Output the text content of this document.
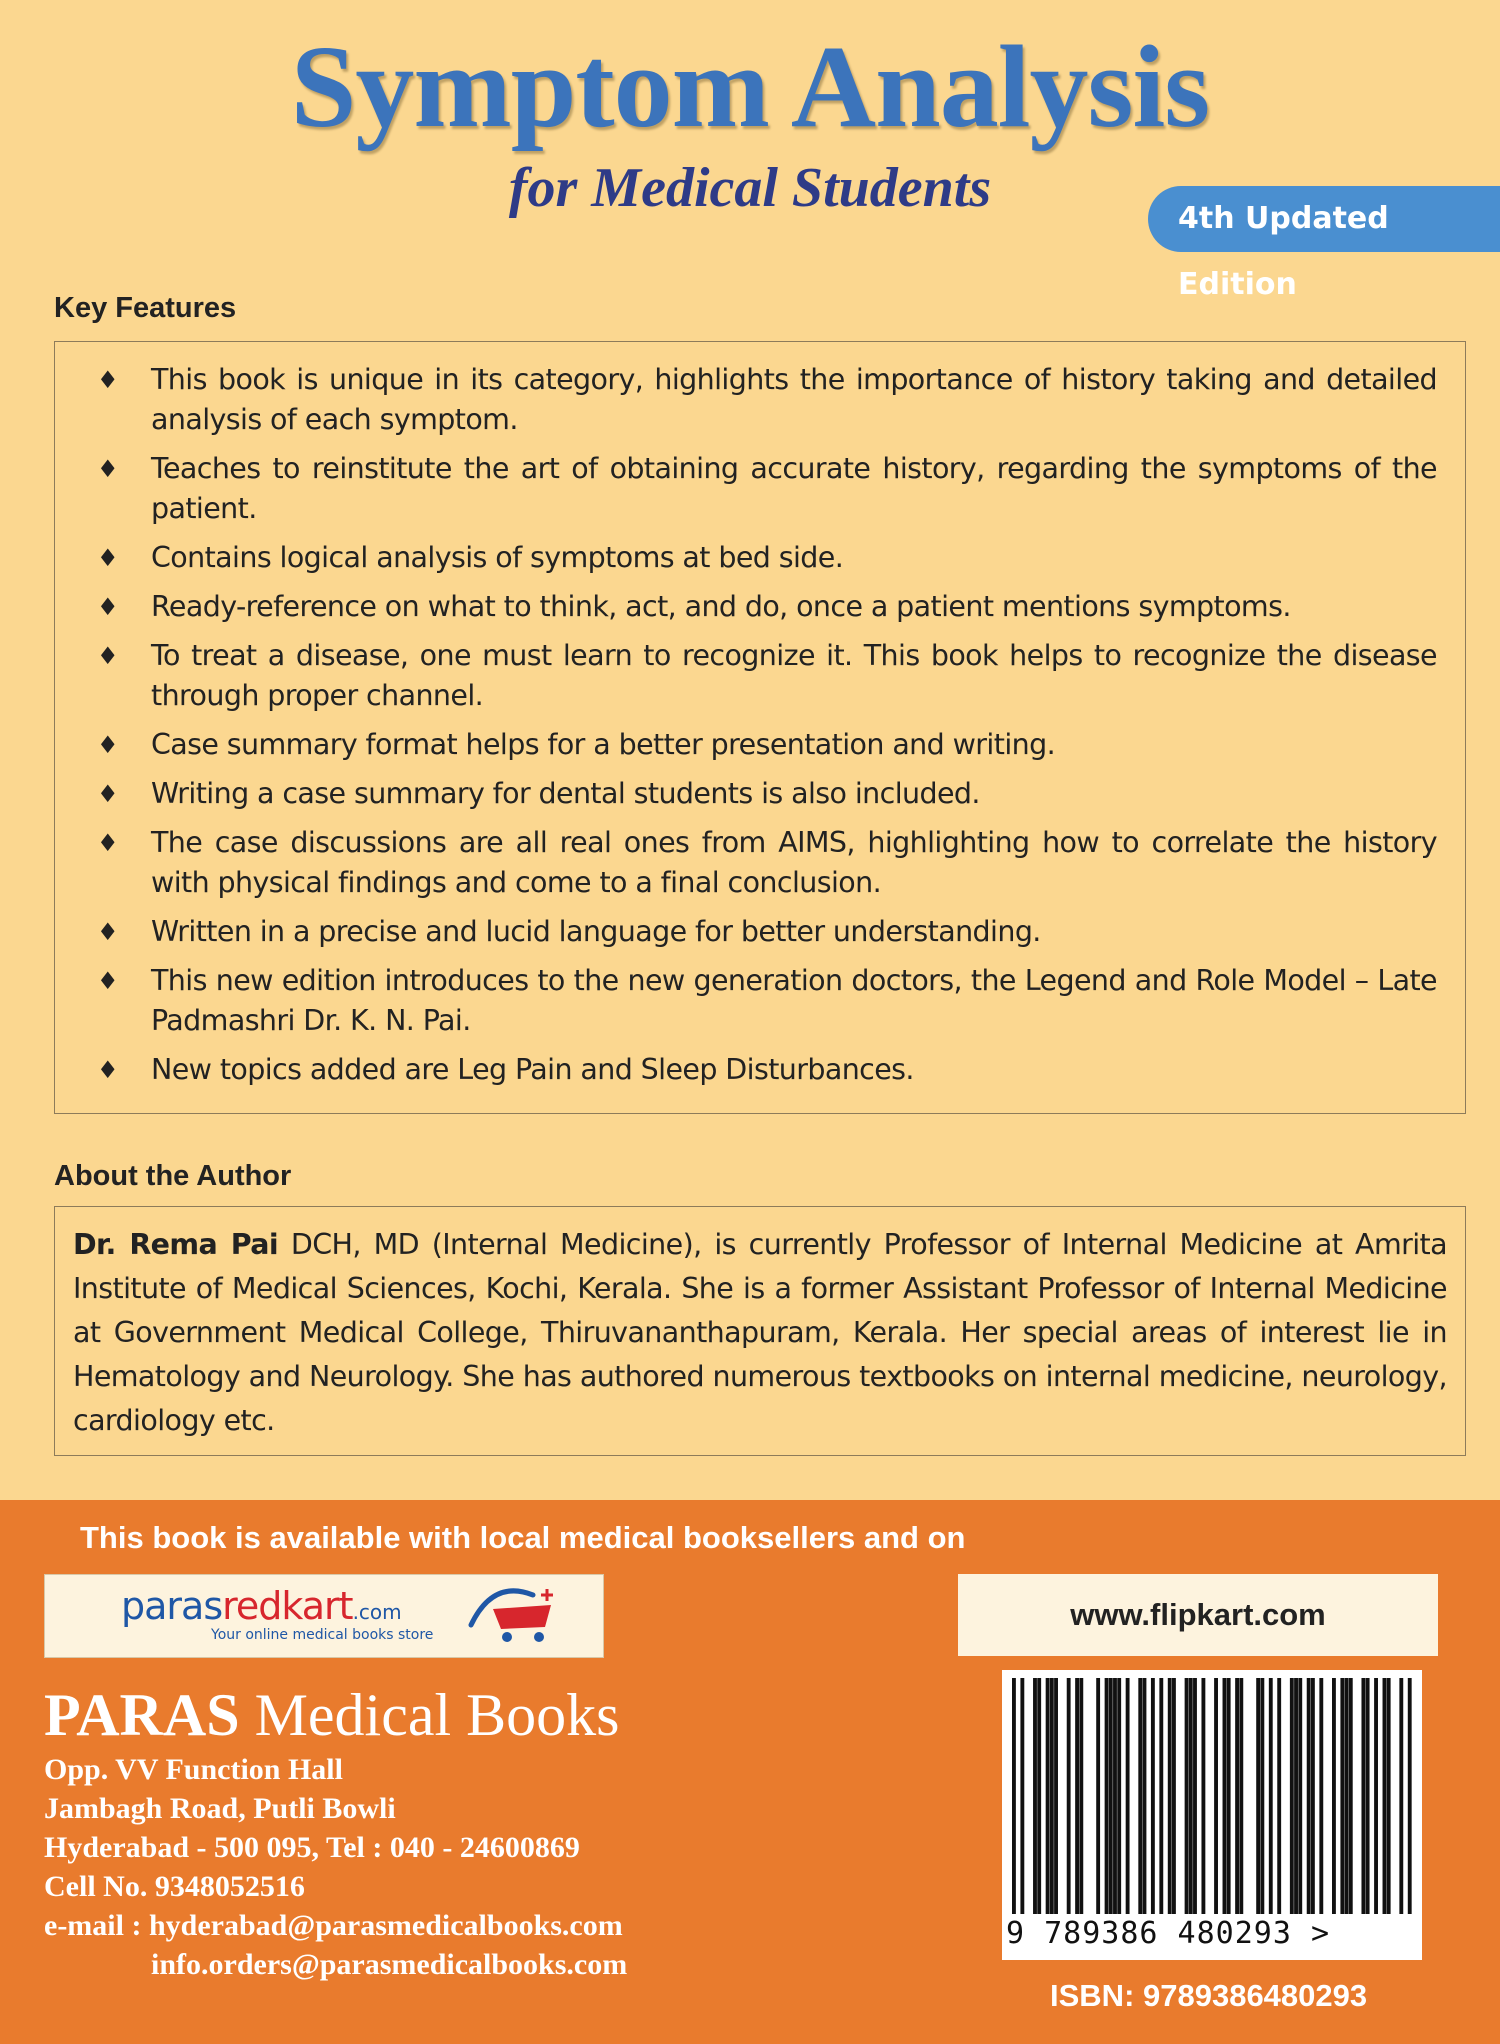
Symptom Analysis
for Medical Students	4th Updated Edition
Key Features
♦ This book is unique in its category, highlights the importance of history taking and detailed analysis of each symptom.
♦ Teaches to reinstitute the art of obtaining accurate history, regarding the symptoms of the patient.
♦ Contains logical analysis of symptoms at bed side.
♦ Ready-reference on what to think, act, and do, once a patient mentions symptoms.
♦ To treat a disease, one must learn to recognize it. This book helps to recognize the disease through proper channel.
♦ Case summary format helps for a better presentation and writing.
♦ Writing a case summary for dental students is also included.
♦ The case discussions are all real ones from AIMS, highlighting how to correlate the history with physical findings and come to a final conclusion.
♦ Written in a precise and lucid language for better understanding.
♦ This new edition introduces to the new generation doctors, the Legend and Role Model – Late Padmashri Dr. K. N. Pai.
♦ New topics added are Leg Pain and Sleep Disturbances.
About the Author

Dr. Rema Pai DCH, MD (Internal Medicine), is currently Professor of Internal Medicine at Amrita Institute of Medical Sciences, Kochi, Kerala. She is a former Assistant Professor of Internal Medicine at Government Medical College, Thiruvananthapuram, Kerala. Her special areas of interest lie in Hematology and Neurology. She has authored numerous textbooks on internal medicine, neurology, cardiology etc.

This book is available with local medical booksellers and on
parasredkart.com
Your online medical books store
www.flipkart.com
PARAS Medical Books
Opp. VV Function Hall
Jambagh Road, Putli Bowli
Hyderabad - 500 095, Tel : 040 - 24600869
Cell No. 9348052516
e-mail : hyderabad@parasmedicalbooks.com
info.orders@parasmedicalbooks.com
9 789386 480293 >
ISBN: 9789386480293
